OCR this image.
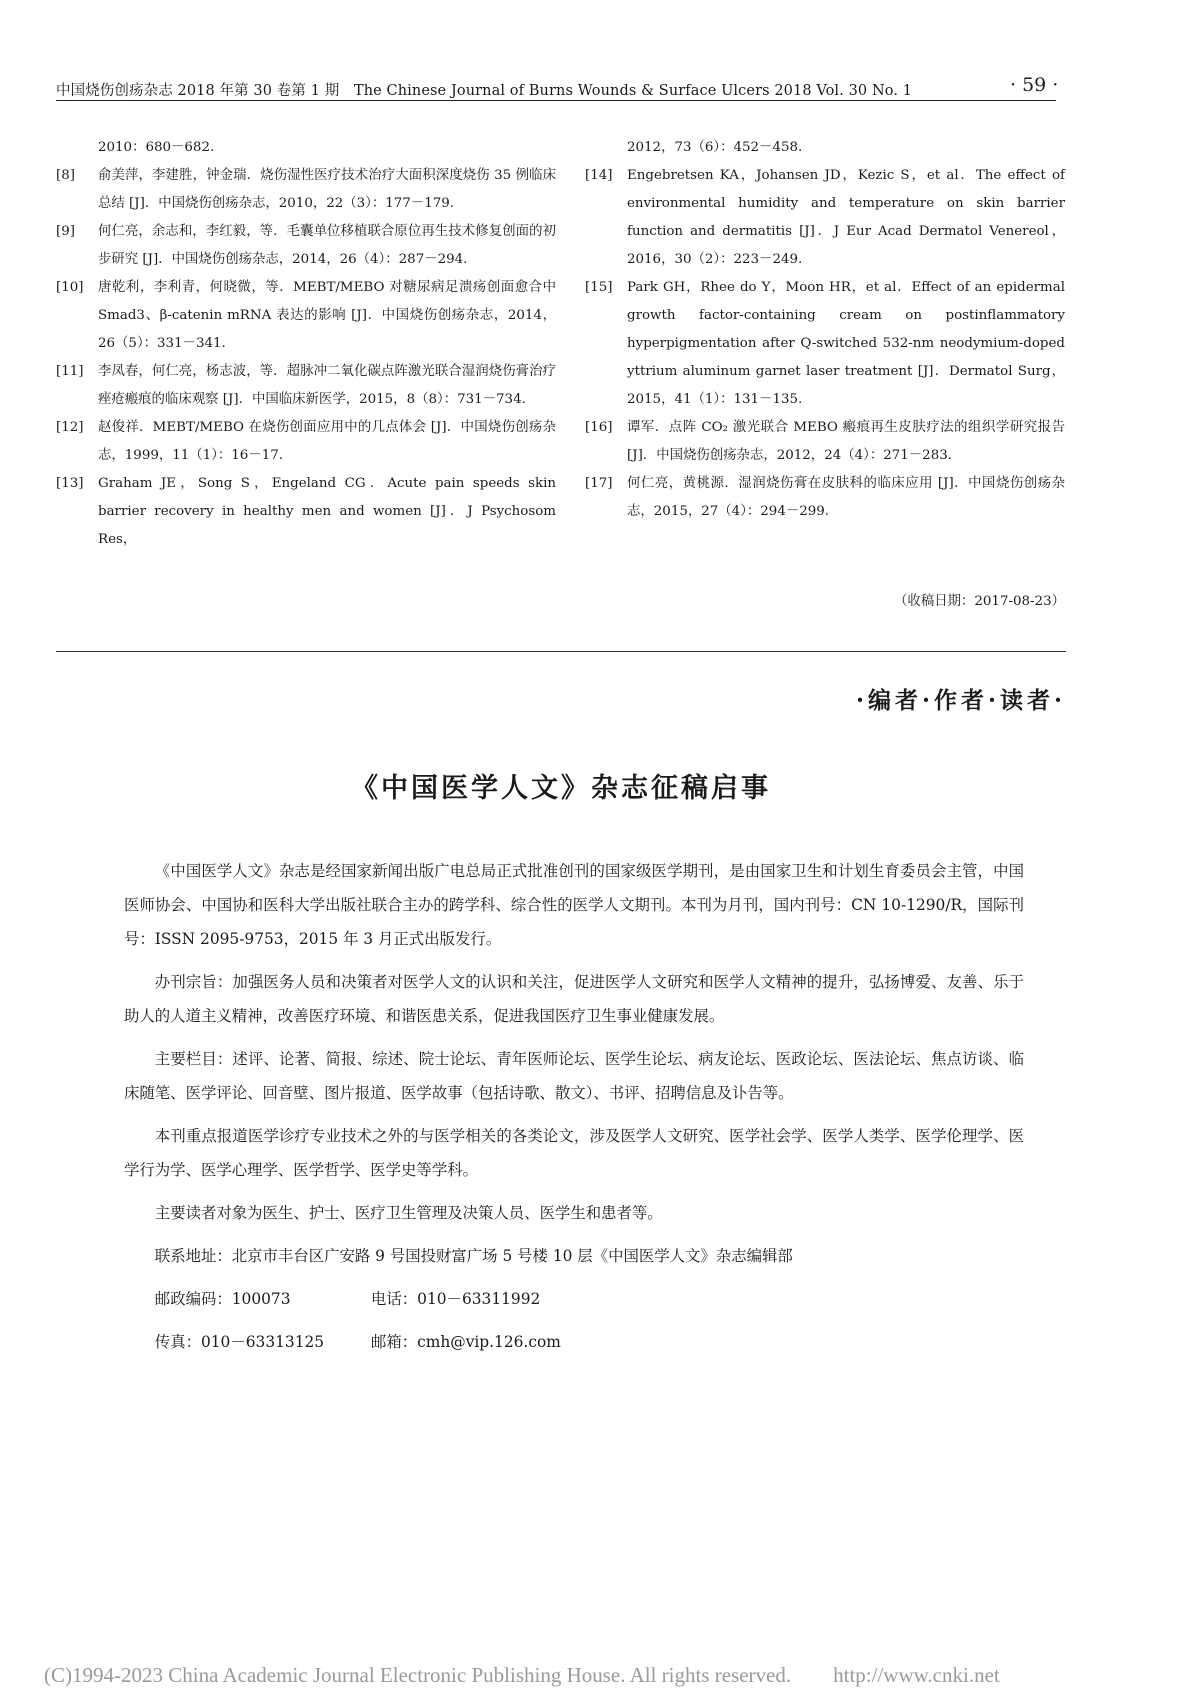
中国烧伤创疡杂志 2018 年第 30 卷第 1 期　The Chinese Journal of Burns Wounds & Surface Ulcers 2018 Vol. 30 No. 1	· 59 ·
2010：680－682.
[8] 俞美萍，李建胜，钟金瑞．烧伤湿性医疗技术治疗大面积深度烧伤 35 例临床总结 [J]．中国烧伤创疡杂志，2010，22（3）：177－179.
[9] 何仁亮，余志和，李红毅，等．毛囊单位移植联合原位再生技术修复创面的初步研究 [J]．中国烧伤创疡杂志，2014，26（4）：287－294.
[10] 唐乾利，李利青，何晓微，等．MEBT/MEBO 对糖尿病足溃疡创面愈合中 Smad3、β-catenin mRNA 表达的影响 [J]．中国烧伤创疡杂志，2014，26（5）：331－341.
[11] 李凤春，何仁亮，杨志波，等．超脉冲二氧化碳点阵激光联合湿润烧伤膏治疗痤疮瘢痕的临床观察 [J]．中国临床新医学，2015，8（8）：731－734.
[12] 赵俊祥．MEBT/MEBO 在烧伤创面应用中的几点体会 [J]．中国烧伤创疡杂志，1999，11（1）：16－17.
[13] Graham JE，Song S，Engeland CG．Acute pain speeds skin barrier recovery in healthy men and women [J]．J Psychosom Res，
2012，73（6）：452－458.
[14] Engebretsen KA，Johansen JD，Kezic S，et al．The effect of environmental humidity and temperature on skin barrier function and dermatitis [J]．J Eur Acad Dermatol Venereol，2016，30（2）：223－249.
[15] Park GH，Rhee do Y，Moon HR，et al．Effect of an epidermal growth factor-containing cream on postinflammatory hyperpigmentation after Q-switched 532-nm neodymium-doped yttrium aluminum garnet laser treatment [J]．Dermatol Surg，2015，41（1）：131－135.
[16] 谭军．点阵 CO₂ 激光联合 MEBO 瘢痕再生皮肤疗法的组织学研究报告 [J]．中国烧伤创疡杂志，2012，24（4）：271－283.
[17] 何仁亮，黄桃源．湿润烧伤膏在皮肤科的临床应用 [J]．中国烧伤创疡杂志，2015，27（4）：294－299.
（收稿日期：2017-08-23）
·编者·作者·读者·
《中国医学人文》杂志征稿启事

《中国医学人文》杂志是经国家新闻出版广电总局正式批准创刊的国家级医学期刊，是由国家卫生和计划生育委员会主管，中国医师协会、中国协和医科大学出版社联合主办的跨学科、综合性的医学人文期刊。本刊为月刊，国内刊号：CN 10-1290/R，国际刊号：ISSN 2095-9753，2015 年 3 月正式出版发行。

办刊宗旨：加强医务人员和决策者对医学人文的认识和关注，促进医学人文研究和医学人文精神的提升，弘扬博爱、友善、乐于助人的人道主义精神，改善医疗环境、和谐医患关系，促进我国医疗卫生事业健康发展。

主要栏目：述评、论著、简报、综述、院士论坛、青年医师论坛、医学生论坛、病友论坛、医政论坛、医法论坛、焦点访谈、临床随笔、医学评论、回音壁、图片报道、医学故事（包括诗歌、散文）、书评、招聘信息及讣告等。

本刊重点报道医学诊疗专业技术之外的与医学相关的各类论文，涉及医学人文研究、医学社会学、医学人类学、医学伦理学、医学行为学、医学心理学、医学哲学、医学史等学科。

主要读者对象为医生、护士、医疗卫生管理及决策人员、医学生和患者等。

联系地址：北京市丰台区广安路 9 号国投财富广场 5 号楼 10 层《中国医学人文》杂志编辑部
邮政编码：100073	电话：010－63311992
传真：010－63313125	邮箱：cmh@vip.126.com
(C)1994-2023 China Academic Journal Electronic Publishing House. All rights reserved.　　http://www.cnki.net
